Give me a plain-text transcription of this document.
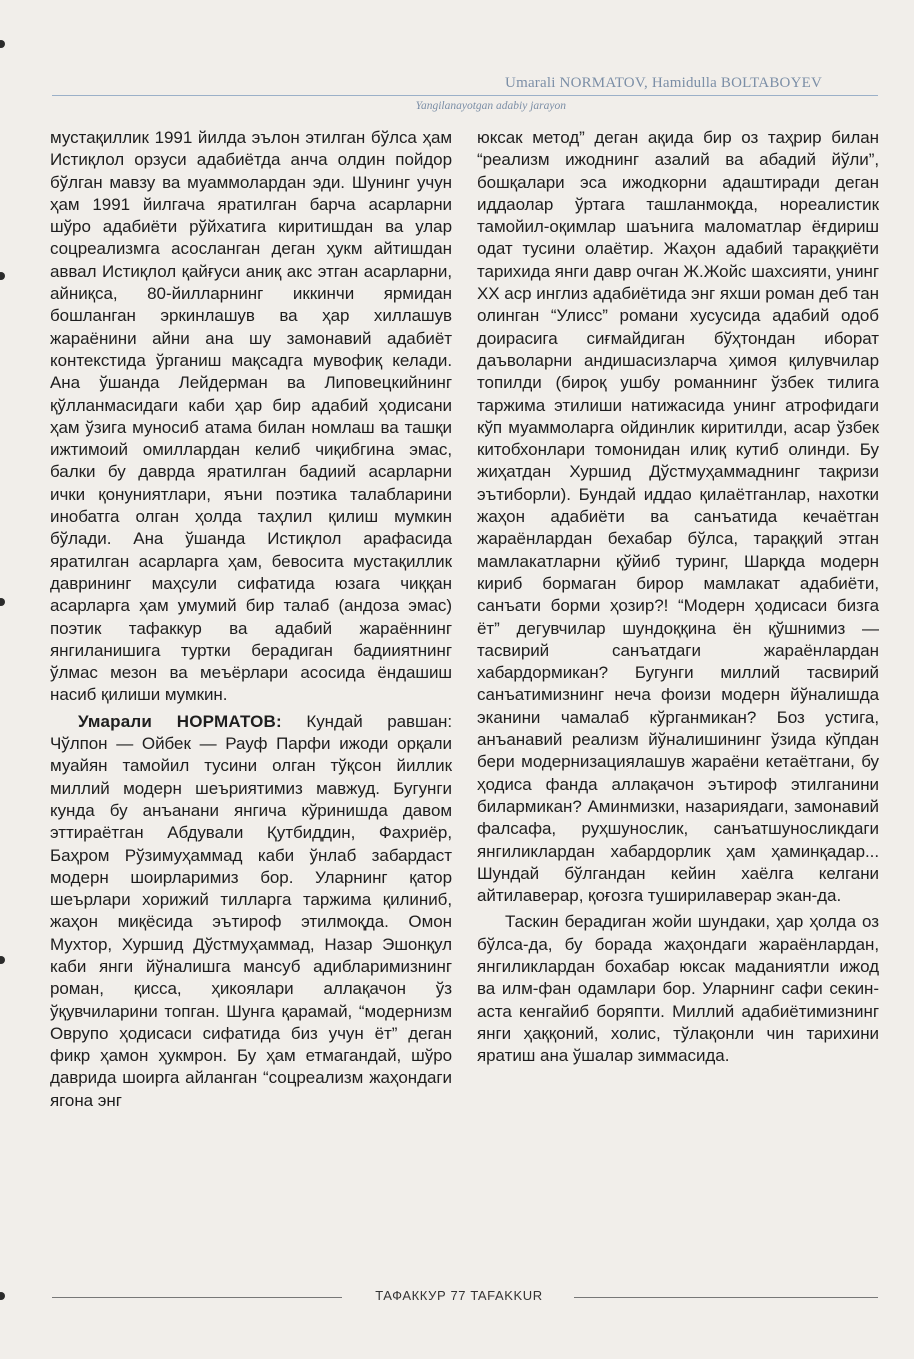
Umarali NORMATOV, Hamidulla BOLTABOYEV
Yangilanayotgan adabiy jarayon

мустақиллик 1991 йилда эълон этилган бўлса ҳам Истиқлол орзуси адабиётда анча олдин пойдор бўлган мавзу ва муаммолардан эди. Шунинг учун ҳам 1991 йилгача яратилган барча асарларни шўро адабиёти рўйхатига киритишдан ва улар соцреализмга асосланган деган ҳукм айтишдан аввал Истиқлол қайғуси аниқ акс этган асарларни, айниқса, 80-йилларнинг иккинчи ярмидан бошланган эркинлашув ва ҳар хиллашув жараёнини айни ана шу замонавий адабиёт контекстида ўрганиш мақсадга мувофиқ келади. Ана ўшанда Лейдерман ва Липовецкийнинг қўлланмасидаги каби ҳар бир адабий ҳодисани ҳам ўзига муносиб атама билан номлаш ва ташқи ижтимоий омиллардан келиб чиқибгина эмас, балки бу даврда яратилган бадиий асарларни ички қонуниятлари, яъни поэтика талабларини инобатга олган ҳолда таҳлил қилиш мумкин бўлади. Ана ўшанда Истиқлол арафасида яратилган асарларга ҳам, бевосита мустақиллик даврининг маҳсули сифатида юзага чиққан асарларга ҳам умумий бир талаб (андоза эмас) поэтик тафаккур ва адабий жараённинг янгиланишига туртки берадиган бадииятнинг ўлмас мезон ва меъёрлари асосида ёндашиш насиб қилиши мумкин.

Умарали НОРМАТОВ: Кундай равшан: Чўлпон — Ойбек — Рауф Парфи ижоди орқали муайян тамойил тусини олган тўқсон йиллик миллий модерн шеъриятимиз мавжуд. Бугунги кунда бу анъанани янгича кўринишда давом эттираётган Абдували Қутбиддин, Фахриёр, Баҳром Рўзимуҳаммад каби ўнлаб забардаст модерн шоирларимиз бор. Уларнинг қатор шеърлари хорижий тилларга таржима қилиниб, жаҳон миқёсида эътироф этилмоқда. Омон Мухтор, Хуршид Дўстмуҳаммад, Назар Эшонқул каби янги йўналишга мансуб адибларимизнинг роман, қисса, ҳикоялари аллақачон ўз ўқувчиларини топган. Шунга қарамай, “модернизм Оврупо ҳодисаси сифатида биз учун ёт” деган фикр ҳамон ҳукмрон. Бу ҳам етмагандай, шўро даврида шоирга айланган “соцреализм жаҳондаги ягона энг

юксак метод” деган ақида бир оз таҳрир билан “реализм ижоднинг азалий ва абадий йўли”, бошқалари эса ижодкорни адаштиради деган иддаолар ўртага ташланмоқда, нореалистик тамойил-оқимлар шаънига маломатлар ёғдириш одат тусини олаётир. Жаҳон адабий тараққиёти тарихида янги давр очган Ж.Жойс шахсияти, унинг XX аср инглиз адабиётида энг яхши роман деб тан олинган “Улисс” романи хусусида адабий одоб доирасига сиғмайдиган бўҳтондан иборат даъволарни андишасизларча ҳимоя қилувчилар топилди (бироқ ушбу романнинг ўзбек тилига таржима этилиши натижасида унинг атрофидаги кўп муаммоларга ойдинлик киритилди, асар ўзбек китобхонлари томонидан илиқ кутиб олинди. Бу жиҳатдан Хуршид Дўстмуҳаммаднинг тақризи эътиборли). Бундай иддао қилаётганлар, нахотки жаҳон адабиёти ва санъатида кечаётган жараёнлардан бехабар бўлса, тараққий этган мамлакатларни қўйиб туринг, Шарқда модерн кириб бормаган бирор мамлакат адабиёти, санъати борми ҳозир?! “Модерн ҳодисаси бизга ёт” дегувчилар шундоққина ён қўшнимиз — тасвирий санъатдаги жараёнлардан хабардормикан? Бугунги миллий тасвирий санъатимизнинг неча фоизи модерн йўналишда эканини чамалаб кўрганмикан? Боз устига, анъанавий реализм йўналишининг ўзида кўпдан бери модернизациялашув жараёни кетаётгани, бу ҳодиса фанда аллақачон эътироф этилганини билармикан? Аминмизки, назариядаги, замонавий фалсафа, руҳшунослик, санъатшуносликдаги янгиликлардан хабардорлик ҳам ҳаминқадар... Шундай бўлгандан кейин хаёлга келгани айтилаверар, қоғозга туширилаверар экан-да.

Таскин берадиган жойи шундаки, ҳар ҳолда оз бўлса-да, бу борада жаҳондаги жараёнлардан, янгиликлардан бохабар юксак маданиятли ижод ва илм-фан одамлари бор. Уларнинг сафи секин-аста кенгайиб боряпти. Миллий адабиётимизнинг янги ҳаққоний, холис, тўлақонли чин тарихини яратиш ана ўшалар зиммасида.

ТАФАККУР 77 TAFAKKUR
